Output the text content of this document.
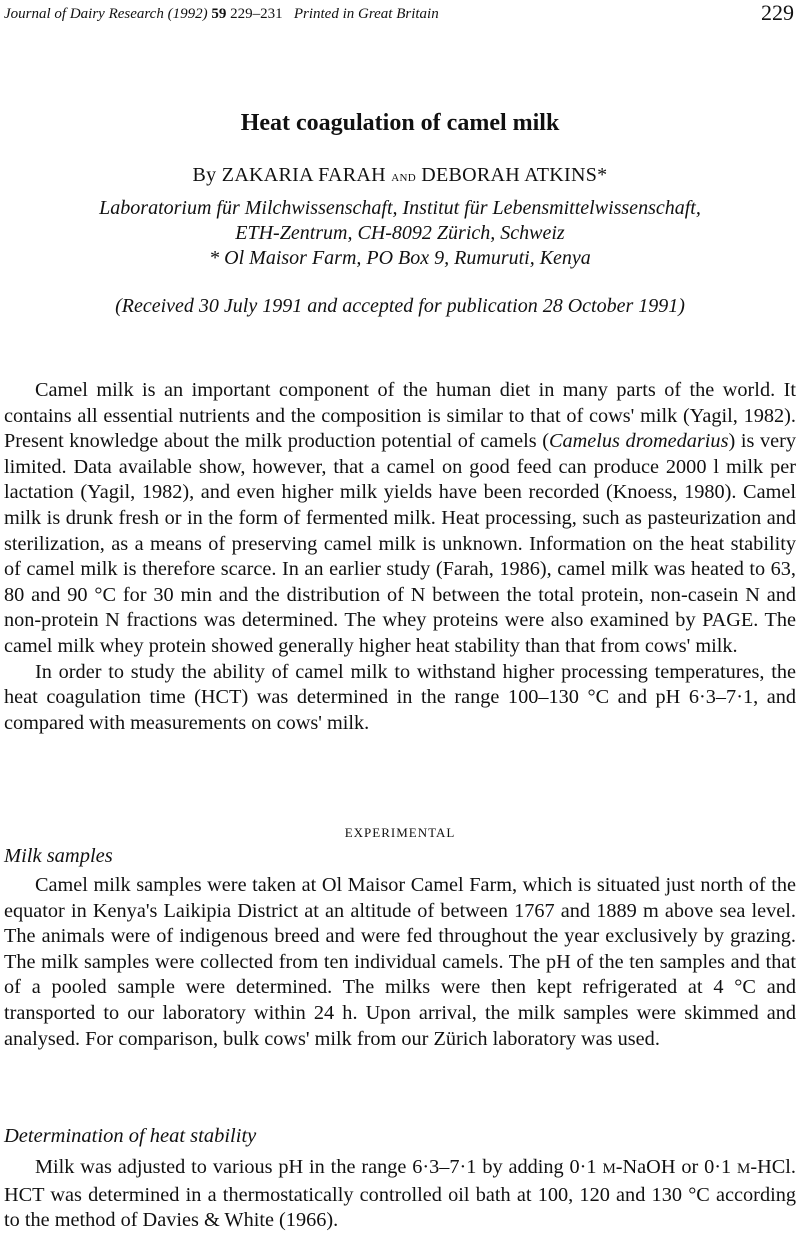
Journal of Dairy Research (1992) 59 229–231 Printed in Great Britain	229
Heat coagulation of camel milk
By ZAKARIA FARAH and DEBORAH ATKINS*
Laboratorium für Milchwissenschaft, Institut für Lebensmittelwissenschaft,
ETH-Zentrum, CH-8092 Zürich, Schweiz
* Ol Maisor Farm, PO Box 9, Rumuruti, Kenya
(Received 30 July 1991 and accepted for publication 28 October 1991)

Camel milk is an important component of the human diet in many parts of the world. It contains all essential nutrients and the composition is similar to that of cows' milk (Yagil, 1982). Present knowledge about the milk production potential of camels (Camelus dromedarius) is very limited. Data available show, however, that a camel on good feed can produce 2000 l milk per lactation (Yagil, 1982), and even higher milk yields have been recorded (Knoess, 1980). Camel milk is drunk fresh or in the form of fermented milk. Heat processing, such as pasteurization and sterilization, as a means of preserving camel milk is unknown. Information on the heat stability of camel milk is therefore scarce. In an earlier study (Farah, 1986), camel milk was heated to 63, 80 and 90 °C for 30 min and the distribution of N between the total protein, non-casein N and non-protein N fractions was determined. The whey proteins were also examined by PAGE. The camel milk whey protein showed generally higher heat stability than that from cows' milk.

In order to study the ability of camel milk to withstand higher processing temperatures, the heat coagulation time (HCT) was determined in the range 100–130 °C and pH 6·3–7·1, and compared with measurements on cows' milk.

EXPERIMENTAL
Milk samples

Camel milk samples were taken at Ol Maisor Camel Farm, which is situated just north of the equator in Kenya's Laikipia District at an altitude of between 1767 and 1889 m above sea level. The animals were of indigenous breed and were fed throughout the year exclusively by grazing. The milk samples were collected from ten individual camels. The pH of the ten samples and that of a pooled sample were determined. The milks were then kept refrigerated at 4 °C and transported to our laboratory within 24 h. Upon arrival, the milk samples were skimmed and analysed. For comparison, bulk cows' milk from our Zürich laboratory was used.

Determination of heat stability

Milk was adjusted to various pH in the range 6·3–7·1 by adding 0·1 M-NaOH or 0·1 M-HCl. HCT was determined in a thermostatically controlled oil bath at 100, 120 and 130 °C according to the method of Davies & White (1966).
